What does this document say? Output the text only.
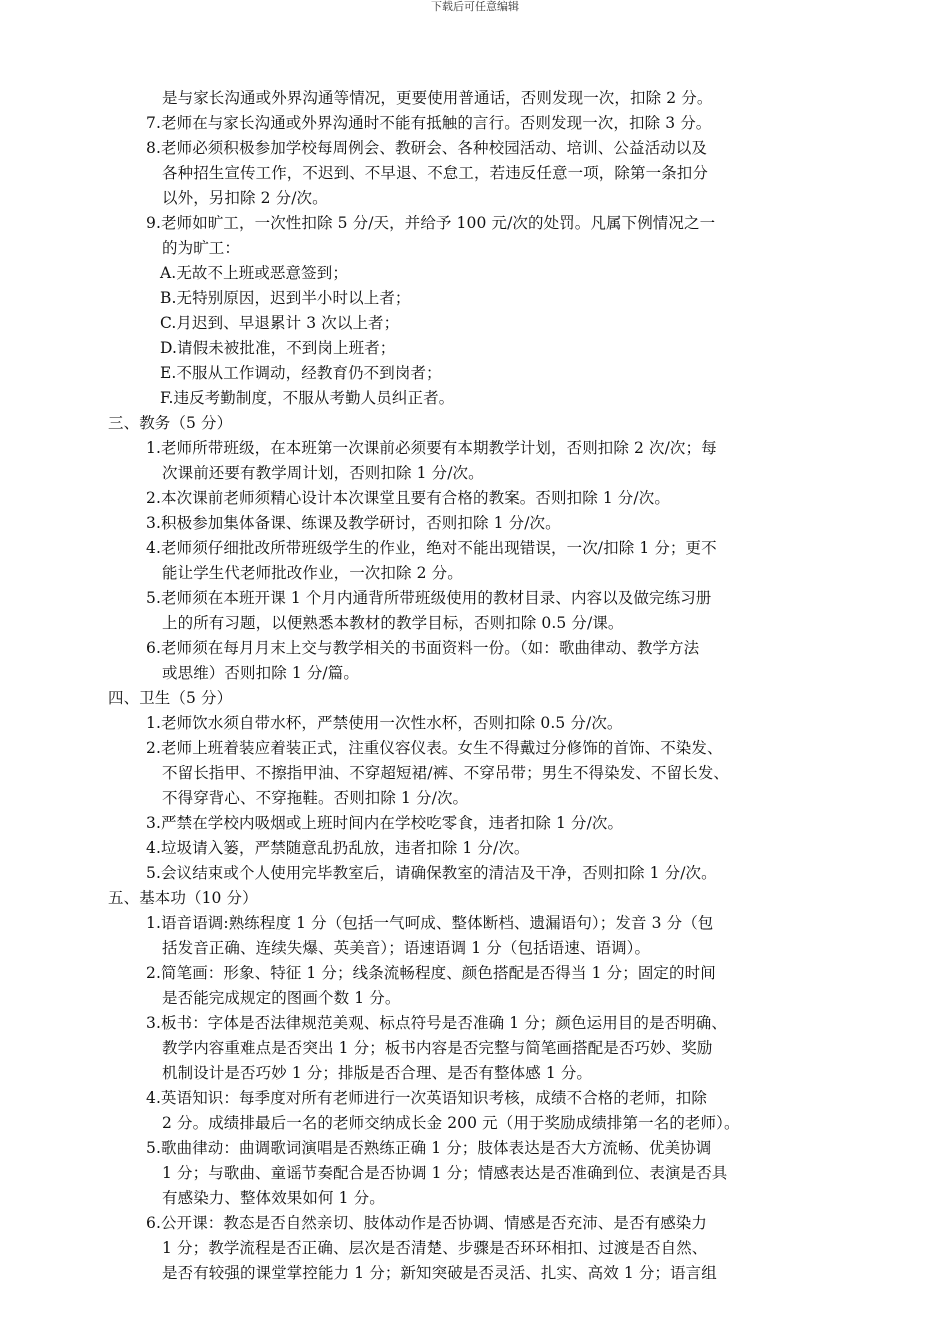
下载后可任意编辑
是与家长沟通或外界沟通等情况，更要使用普通话，否则发现一次，扣除 2 分。
7.老师在与家长沟通或外界沟通时不能有抵触的言行。否则发现一次，扣除 3 分。
8.老师必须积极参加学校每周例会、教研会、各种校园活动、培训、公益活动以及
各种招生宣传工作，不迟到、不早退、不怠工，若违反任意一项，除第一条扣分
以外，另扣除 2 分/次。
9.老师如旷工，一次性扣除 5 分/天，并给予 100 元/次的处罚。凡属下例情况之一
的为旷工：
A.无故不上班或恶意签到；
B.无特别原因，迟到半小时以上者；
C.月迟到、早退累计 3 次以上者；
D.请假未被批准，不到岗上班者；
E.不服从工作调动，经教育仍不到岗者；
F.违反考勤制度，不服从考勤人员纠正者。
三、教务（5 分）
1.老师所带班级，在本班第一次课前必须要有本期教学计划，否则扣除 2 次/次；每
次课前还要有教学周计划，否则扣除 1 分/次。
2.本次课前老师须精心设计本次课堂且要有合格的教案。否则扣除 1 分/次。
3.积极参加集体备课、练课及教学研讨，否则扣除 1 分/次。
4.老师须仔细批改所带班级学生的作业，绝对不能出现错误，一次/扣除 1 分；更不
能让学生代老师批改作业，一次扣除 2 分。
5.老师须在本班开课 1 个月内通背所带班级使用的教材目录、内容以及做完练习册
上的所有习题，以便熟悉本教材的教学目标，否则扣除 0.5 分/课。
6.老师须在每月月末上交与教学相关的书面资料一份。（如：歌曲律动、教学方法
或思维）否则扣除 1 分/篇。
四、卫生（5 分）
1.老师饮水须自带水杯，严禁使用一次性水杯，否则扣除 0.5 分/次。
2.老师上班着装应着装正式，注重仪容仪表。女生不得戴过分修饰的首饰、不染发、
不留长指甲、不擦指甲油、不穿超短裙/裤、不穿吊带；男生不得染发、不留长发、
不得穿背心、不穿拖鞋。否则扣除 1 分/次。
3.严禁在学校内吸烟或上班时间内在学校吃零食，违者扣除 1 分/次。
4.垃圾请入篓，严禁随意乱扔乱放，违者扣除 1 分/次。
5.会议结束或个人使用完毕教室后，请确保教室的清洁及干净，否则扣除 1 分/次。
五、基本功（10 分）
1.语音语调:熟练程度 1 分（包括一气呵成、整体断档、遗漏语句）；发音 3 分（包
括发音正确、连续失爆、英美音）；语速语调 1 分（包括语速、语调）。
2.简笔画：形象、特征 1 分；线条流畅程度、颜色搭配是否得当 1 分；固定的时间
是否能完成规定的图画个数 1 分。
3.板书：字体是否法律规范美观、标点符号是否准确 1 分；颜色运用目的是否明确、
教学内容重难点是否突出 1 分；板书内容是否完整与简笔画搭配是否巧妙、奖励
机制设计是否巧妙 1 分；排版是否合理、是否有整体感 1 分。
4.英语知识：每季度对所有老师进行一次英语知识考核，成绩不合格的老师，扣除
2 分。成绩排最后一名的老师交纳成长金 200 元（用于奖励成绩排第一名的老师）。
5.歌曲律动：曲调歌词演唱是否熟练正确 1 分；肢体表达是否大方流畅、优美协调
1 分；与歌曲、童谣节奏配合是否协调 1 分；情感表达是否准确到位、表演是否具
有感染力、整体效果如何 1 分。
6.公开课：教态是否自然亲切、肢体动作是否协调、情感是否充沛、是否有感染力
1 分；教学流程是否正确、层次是否清楚、步骤是否环环相扣、过渡是否自然、
是否有较强的课堂掌控能力 1 分；新知突破是否灵活、扎实、高效 1 分；语言组
